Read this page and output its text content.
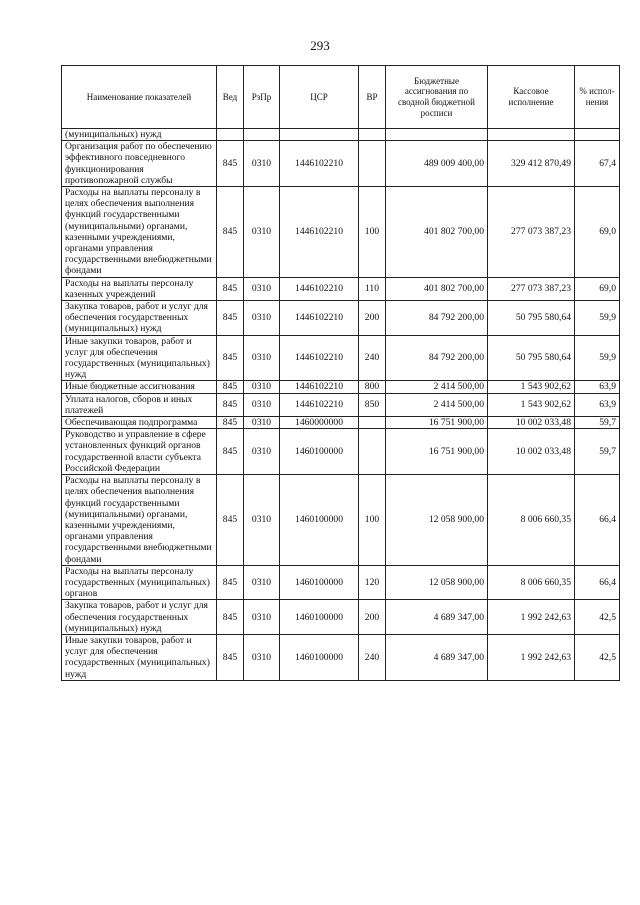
293
Наименование показателей	Вед	РзПр	ЦСР	ВР	Бюджетные ассигнования по сводной бюджетной росписи	Кассовое исполнение	% испол-нения
(муниципальных) нужд							
Организация работ по обеспечению эффективного повседневного функционирования противопожарной службы	845	0310	1446102210		489 009 400,00	329 412 870,49	67,4
Расходы на выплаты персоналу в целях обеспечения выполнения функций государственными (муниципальными) органами, казенными учреждениями, органами управления государственными внебюджетными фондами	845	0310	1446102210	100	401 802 700,00	277 073 387,23	69,0
Расходы на выплаты персоналу казенных учреждений	845	0310	1446102210	110	401 802 700,00	277 073 387,23	69,0
Закупка товаров, работ и услуг для обеспечения государственных (муниципальных) нужд	845	0310	1446102210	200	84 792 200,00	50 795 580,64	59,9
Иные закупки товаров, работ и услуг для обеспечения государственных (муниципальных) нужд	845	0310	1446102210	240	84 792 200,00	50 795 580,64	59,9
Иные бюджетные ассигнования	845	0310	1446102210	800	2 414 500,00	1 543 902,62	63,9
Уплата налогов, сборов и иных платежей	845	0310	1446102210	850	2 414 500,00	1 543 902,62	63,9
Обеспечивающая подпрограмма	845	0310	1460000000		16 751 900,00	10 002 033,48	59,7
Руководство и управление в сфере установленных функций органов государственной власти субъекта Российской Федерации	845	0310	1460100000		16 751 900,00	10 002 033,48	59,7
Расходы на выплаты персоналу в целях обеспечения выполнения функций государственными (муниципальными) органами, казенными учреждениями, органами управления государственными внебюджетными фондами	845	0310	1460100000	100	12 058 900,00	8 006 660,35	66,4
Расходы на выплаты персоналу государственных (муниципальных) органов	845	0310	1460100000	120	12 058 900,00	8 006 660,35	66,4
Закупка товаров, работ и услуг для обеспечения государственных (муниципальных) нужд	845	0310	1460100000	200	4 689 347,00	1 992 242,63	42,5
Иные закупки товаров, работ и услуг для обеспечения государственных (муниципальных) нужд	845	0310	1460100000	240	4 689 347,00	1 992 242,63	42,5
